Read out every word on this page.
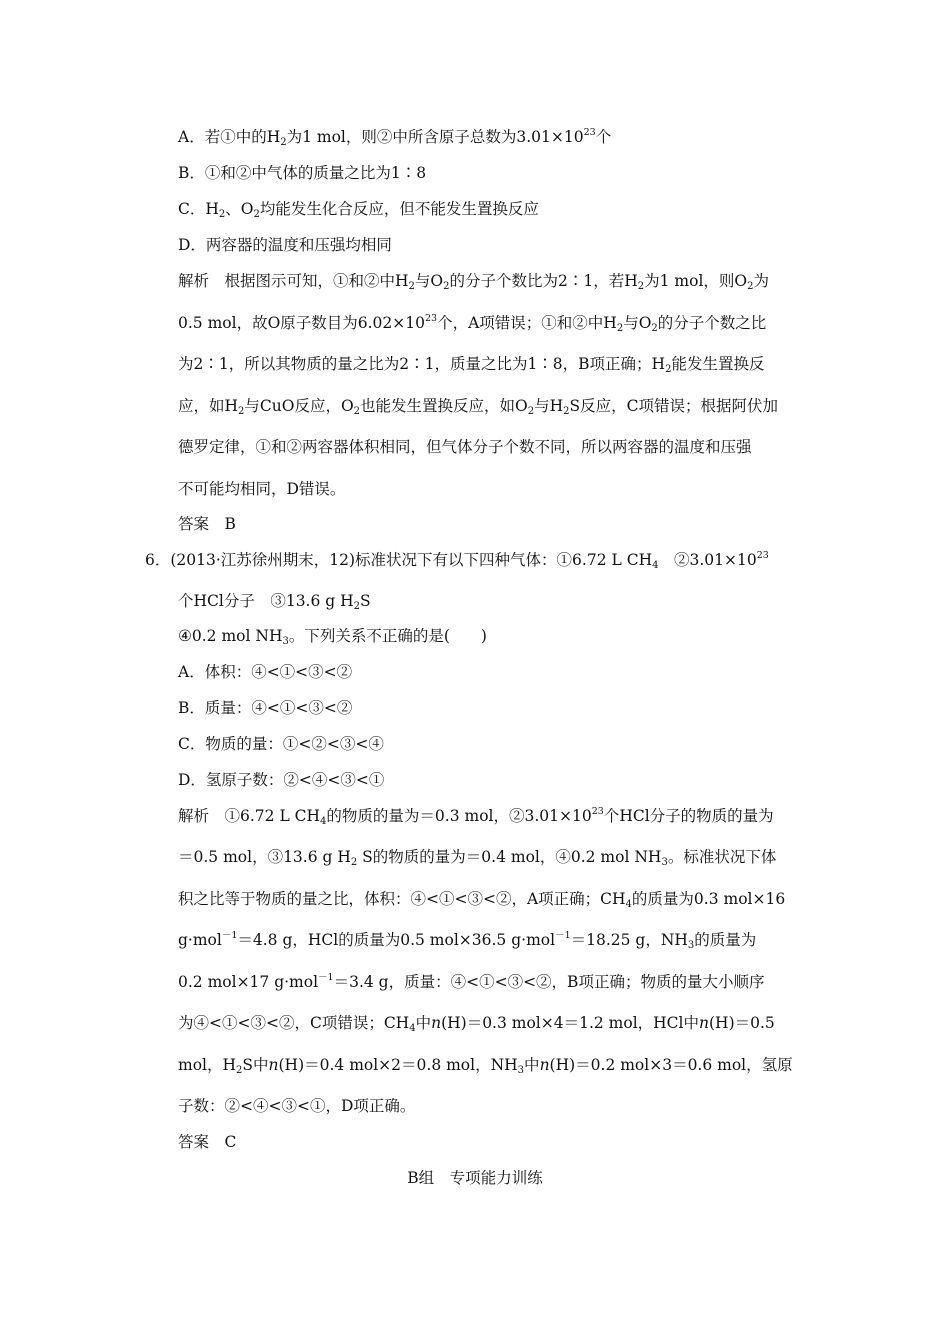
A．若①中的$H_2$为1 mol，则②中所含原子总数为$3.01\times 10^{23}$个
B．①和②中气体的质量之比为1∶8
C．$H_2$、$O_2$均能发生化合反应，但不能发生置换反应
D．两容器的温度和压强均相同
解析　根据图示可知，①和②中$H_2$与$O_2$的分子个数比为2∶1，若$H_2$为1 mol，则$O_2$为
0.5 mol，故O原子数目为$6.02\times 10^{23}$个，A项错误；①和②中$H_2$与$O_2$的分子个数之比
为2∶1，所以其物质的量之比为2∶1，质量之比为1∶8，B项正确；$H_2$能发生置换反
应，如$H_2$与CuO反应，$O_2$也能发生置换反应，如$O_2$与$H_2S$反应，C项错误；根据阿伏加
德罗定律，①和②两容器体积相同，但气体分子个数不同，所以两容器的温度和压强
不可能均相同，D错误。
答案　B
6．(2013·江苏徐州期末，12)标准状况下有以下四种气体：①6.72 L $CH_4$　$②3.01\times 10^{23}$
个HCl分子　③13.6 g $H_2S$
④0.2 mol $NH_3$。下列关系不正确的是(　　)
A．体积：④<①<③<②
B．质量：④<①<③<②
C．物质的量：①<②<③<④
D．氢原子数：②<④<③<①
解析　①6.72 L $CH_4$的物质的量为＝0.3 mol，$②3.01\times 10^{23}$个HCl分子的物质的量为
＝0.5 mol，③13.6 g $H_2$ S的物质的量为＝0.4 mol，④0.2 mol $NH_3$。标准状况下体
积之比等于物质的量之比，体积：④<①<③<②，A项正确；$CH_4$的质量为0.3 mol×16
g·mol$^{-1}$＝4.8 g，HCl的质量为0.5 mol×36.5 g·mol$^{-1}$＝18.25 g，$NH_3$的质量为
0.2 mol×17 g·mol$^{-1}$＝3.4 g，质量：④<①<③<②，B项正确；物质的量大小顺序
为④<①<③<②，C项错误；$CH_4$中n(H)＝0.3 mol×4＝1.2 mol，HCl中n(H)＝0.5
mol，$H_2S$中n(H)＝0.4 mol×2＝0.8 mol，$NH_3$中n(H)＝0.2 mol×3＝0.6 mol，氢原
子数：②<④<③<①，D项正确。
答案　C
B组　专项能力训练
